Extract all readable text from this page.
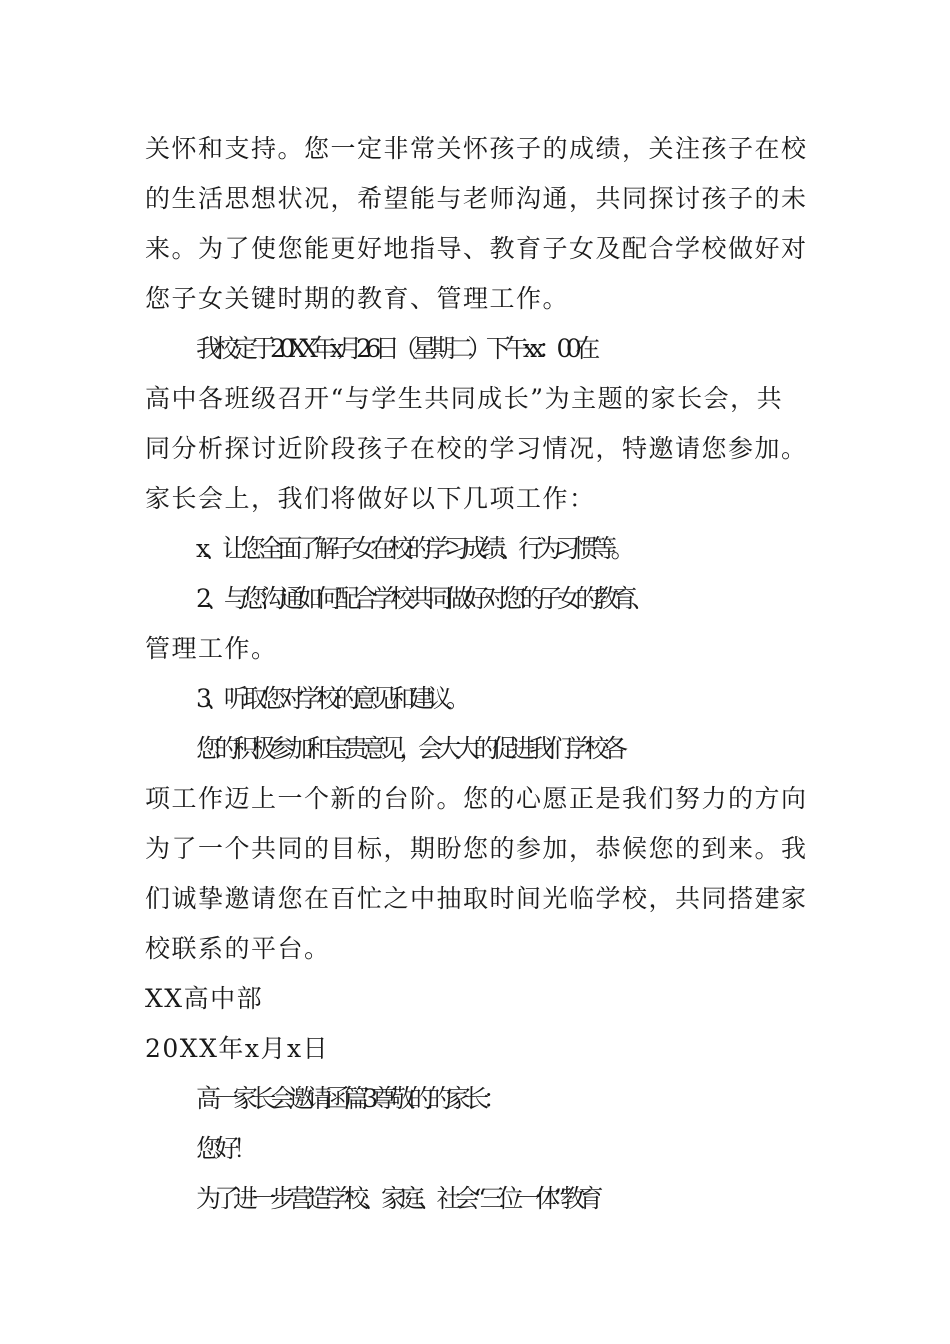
关怀和支持。您一定非常关怀孩子的成绩，关注孩子在校
的生活思想状况，希望能与老师沟通，共同探讨孩子的未
来。为了使您能更好地指导、教育子女及配合学校做好对
您子女关键时期的教育、管理工作。
我校定于20XX年x月26日（星期二）下午xx：00在
高中各班级召开“与学生共同成长”为主题的家长会，共
同分析探讨近阶段孩子在校的学习情况，特邀请您参加。
家长会上，我们将做好以下几项工作：
x、让您全面了解子女在校的学习成绩、行为习惯等。
2、与您沟通如何配合学校共同做好对您的子女的教育、
管理工作。
3、听取您对学校的意见和建议。
您的积极参加和宝贵意见，会大大的促进我们学校各
项工作迈上一个新的台阶。您的心愿正是我们努力的方向
为了一个共同的目标，期盼您的参加，恭候您的到来。我
们诚挚邀请您在百忙之中抽取时间光临学校，共同搭建家
校联系的平台。
XX高中部
20XX年x月x日
高一家长会邀请函篇3尊敬的的家长：
您好！
为了进一步营造学校、家庭、社会“三位一体”教育
